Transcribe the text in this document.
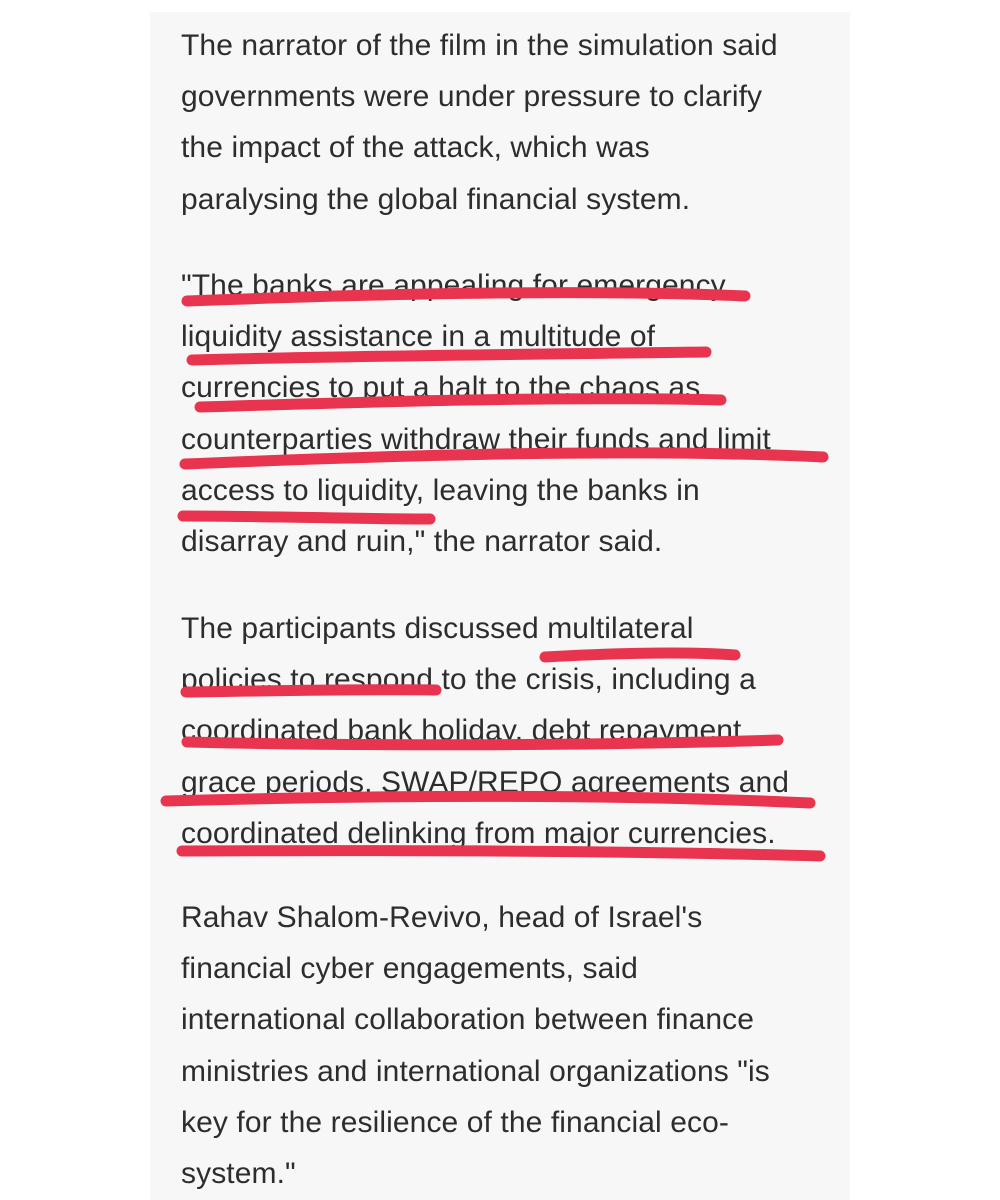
The narrator of the film in the simulation said
governments were under pressure to clarify
the impact of the attack, which was
paralysing the global financial system.

"The banks are appealing for emergency
liquidity assistance in a multitude of
currencies to put a halt to the chaos as
counterparties withdraw their funds and limit
access to liquidity, leaving the banks in
disarray and ruin," the narrator said.

The participants discussed multilateral
policies to respond to the crisis, including a
coordinated bank holiday, debt repayment
grace periods, SWAP/REPO agreements and
coordinated delinking from major currencies.

Rahav Shalom-Revivo, head of Israel's
financial cyber engagements, said
international collaboration between finance
ministries and international organizations "is
key for the resilience of the financial eco-
system."
